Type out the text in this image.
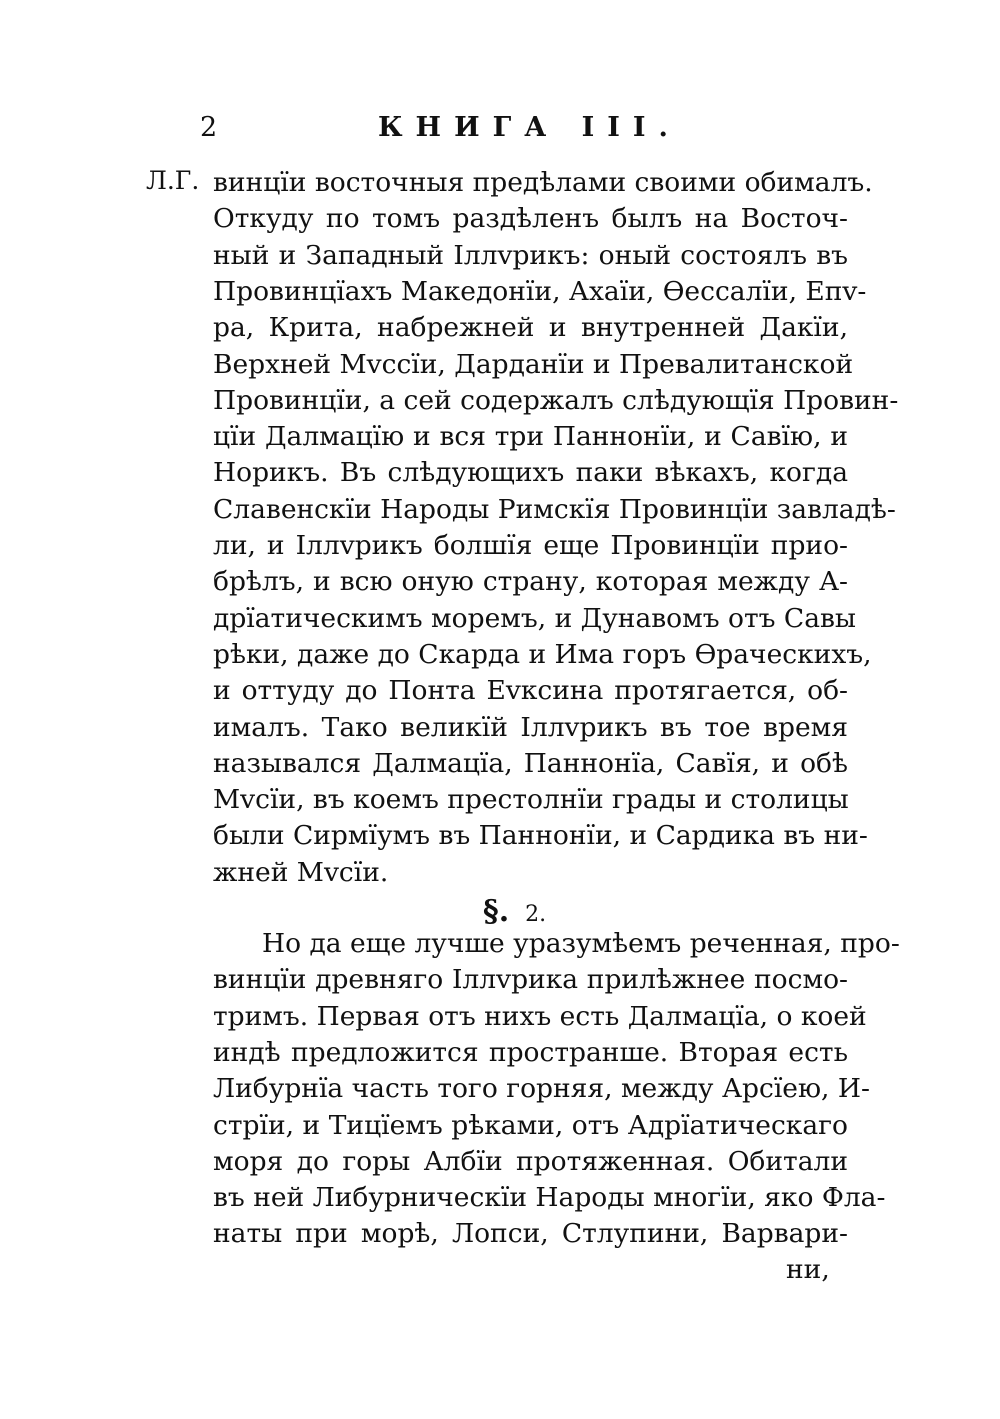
2	КНИГА III.
Л.Г. винцїи восточныя предѣлами своими обималъ.
Откуду по томъ раздѣленъ былъ на Восточ-
ный и Западный Іллvрикъ: оный состоялъ въ
Провинцїахъ Македонїи, Ахаїи, Өессалїи, Епv-
ра, Крита, набрежней и внутренней Дакїи,
Верхней Мvссїи, Дарданїи и Превалитанской
Провинцїи, а сей содержалъ слѣдующїя Провин-
цїи Далмацїю и вся три Паннонїи, и Савїю, и
Норикъ. Въ слѣдующихъ паки вѣкахъ, когда
Славенскїи Народы Римскїя Провинцїи завладѣ-
ли, и Іллvрикъ болшїя еще Провинцїи прио-
брѣлъ, и всю оную страну, которая между А-
дрїатическимъ моремъ, и Дунавомъ отъ Савы
рѣки, даже до Скарда и Има горъ Өраческихъ,
и оттуду до Понта Еvксина протягается, об-
ималъ. Тако великїй Іллvрикъ въ тое время
назывался Далмацїа, Паннонїа, Савїя, и обѣ
Мvсїи, въ коемъ престолнїи грады и столицы
были Сирмїумъ въ Паннонїи, и Сардика въ ни-
жней Мvсїи.
§. 2.
Но да еще лучше уразумѣемъ реченная, про-
винцїи древняго Іллvрика прилѣжнее посмо-
тримъ. Первая отъ нихъ есть Далмацїа, о коей
индѣ предложится пространше. Вторая есть
Либурнїа часть того горняя, между Арсїею, И-
стрїи, и Тицїемъ рѣками, отъ Адрїатическаго
моря до горы Албїи протяженная. Обитали
въ ней Либурническїи Народы многїи, яко Фла-
наты при морѣ, Лопси, Стлупини, Варвари-
ни,
